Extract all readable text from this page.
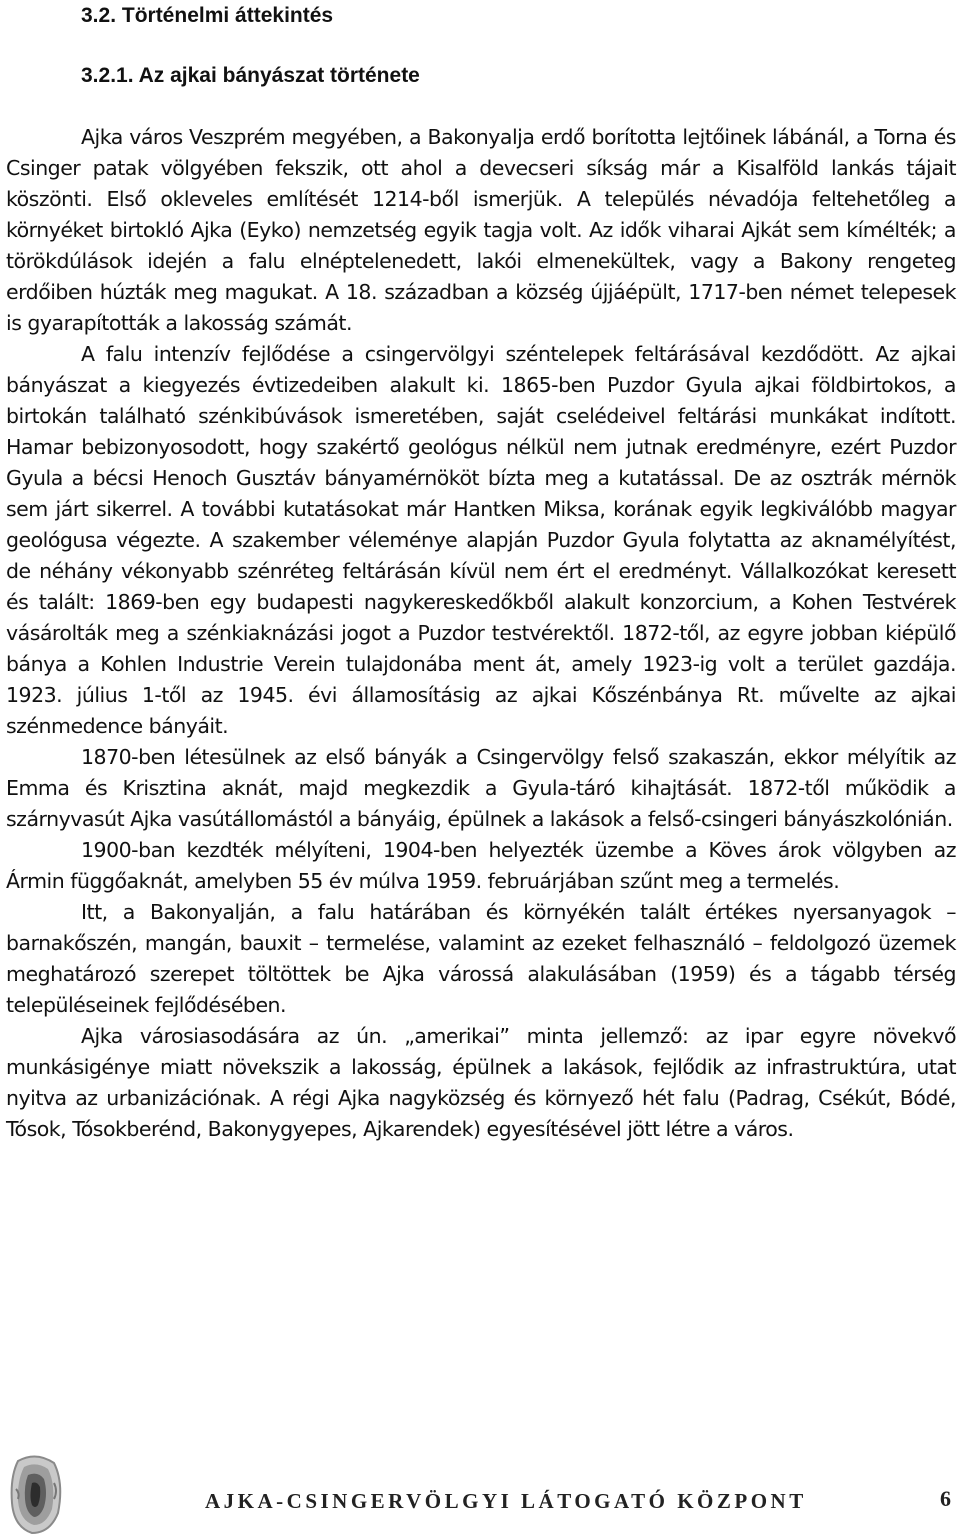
3.2. Történelmi áttekintés
3.2.1. Az ajkai bányászat története

Ajka város Veszprém megyében, a Bakonyalja erdő borította lejtőinek lábánál, a Torna és Csinger patak völgyében fekszik, ott ahol a devecseri síkság már a Kisalföld lankás tájait köszönti. Első okleveles említését 1214-ből ismerjük. A település névadója feltehetőleg a környéket birtokló Ajka (Eyko) nemzetség egyik tagja volt. Az idők viharai Ajkát sem kímélték; a törökdúlások idején a falu elnéptelenedett, lakói elmenekültek, vagy a Bakony rengeteg erdőiben húzták meg magukat. A 18. században a község újjáépült, 1717-ben német telepesek is gyarapították a lakosság számát.

A falu intenzív fejlődése a csingervölgyi széntelepek feltárásával kezdődött. Az ajkai bányászat a kiegyezés évtizedeiben alakult ki. 1865-ben Puzdor Gyula ajkai földbirtokos, a birtokán található szénkibúvások ismeretében, saját cselédeivel feltárási munkákat indított. Hamar bebizonyosodott, hogy szakértő geológus nélkül nem jutnak eredményre, ezért Puzdor Gyula a bécsi Henoch Gusztáv bányamérnököt bízta meg a kutatással. De az osztrák mérnök sem járt sikerrel. A további kutatásokat már Hantken Miksa, korának egyik legkiválóbb magyar geológusa végezte. A szakember véleménye alapján Puzdor Gyula folytatta az aknamélyítést, de néhány vékonyabb szénréteg feltárásán kívül nem ért el eredményt. Vállalkozókat keresett és talált: 1869-ben egy budapesti nagykereskedőkből alakult konzorcium, a Kohen Testvérek vásárolták meg a szénkiaknázási jogot a Puzdor testvérektől. 1872-től, az egyre jobban kiépülő bánya a Kohlen Industrie Verein tulajdonába ment át, amely 1923-ig volt a terület gazdája. 1923. július 1-től az 1945. évi államosításig az ajkai Kőszénbánya Rt. művelte az ajkai szénmedence bányáit.

1870-ben létesülnek az első bányák a Csingervölgy felső szakaszán, ekkor mélyítik az Emma és Krisztina aknát, majd megkezdik a Gyula-táró kihajtását. 1872-től működik a szárnyvasút Ajka vasútállomástól a bányáig, épülnek a lakások a felső-csingeri bányászkolónián.

1900-ban kezdték mélyíteni, 1904-ben helyezték üzembe a Köves árok völgyben az Ármin függőaknát, amelyben 55 év múlva 1959. februárjában szűnt meg a termelés.

Itt, a Bakonyalján, a falu határában és környékén talált értékes nyersanyagok – barnakőszén, mangán, bauxit – termelése, valamint az ezeket felhasználó – feldolgozó üzemek meghatározó szerepet töltöttek be Ajka várossá alakulásában (1959) és a tágabb térség településeinek fejlődésében.

Ajka városiasodására az ún. „amerikai” minta jellemző: az ipar egyre növekvő munkásigénye miatt növekszik a lakosság, épülnek a lakások, fejlődik az infrastruktúra, utat nyitva az urbanizációnak. A régi Ajka nagyközség és környező hét falu (Padrag, Csékút, Bódé, Tósok, Tósokberénd, Bakonygyepes, Ajkarendek) egyesítésével jött létre a város.

AJKA-CSINGERVÖLGYI LÁTOGATÓ KÖZPONT	6
